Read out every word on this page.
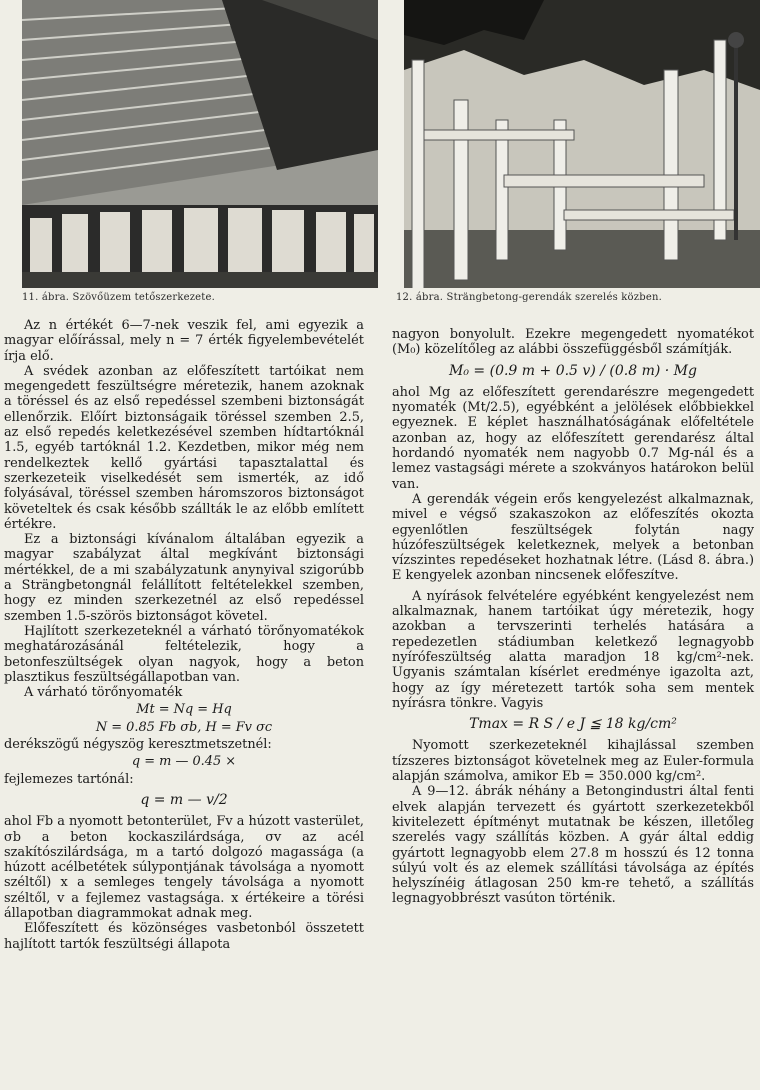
11. ábra. Szövőüzem tetőszerkezete.	12. ábra. Strängbetong-gerendák szerelés közben.

Az n értékét 6—7-nek veszik fel, ami egyezik a magyar előírással, mely n = 7 érték figyelembevételét írja elő.

A svédek azonban az előfeszített tartóikat nem megengedett feszültségre méretezik, hanem azoknak a töréssel és az első repedéssel szembeni biztonságát ellenőrzik. Előírt biztonságaik töréssel szemben 2.5, az első repedés keletkezésével szemben hídtartóknál 1.5, egyéb tartóknál 1.2. Kezdetben, mikor még nem rendelkeztek kellő gyártási tapasztalattal és szerkezeteik viselkedését sem ismerték, az idő folyásával, töréssel szemben háromszoros biztonságot követeltek és csak később szállták le az előbb említett értékre.

Ez a biztonsági kívánalom általában egyezik a magyar szabályzat által megkívánt biztonsági mértékkel, de a mi szabályzatunk anynyival szigorúbb a Strängbetongnál felállított feltételekkel szemben, hogy ez minden szerkezetnél az első repedéssel szemben 1.5-szörös biztonságot követel.

Hajlított szerkezeteknél a várható törőnyomatékok meghatározásánál feltételezik, hogy a betonfeszültségek olyan nagyok, hogy a beton plasztikus feszültségállapotban van.

A várható törőnyomaték

Mt = Nq = Hq
N = 0.85 Fb σb, H = Fv σc

derékszögű négyszög keresztmetszetnél:

q = m — 0.45 ×

fejlemezes tartónál:

q = m — v/2

ahol Fb a nyomott betonterület, Fv a húzott vasterület, σb a beton kockaszilárdsága, σv az acél szakítószilárdsága, m a tartó dolgozó magassága (a húzott acélbetétek súlypontjának távolsága a nyomott széltől) x a semleges tengely távolsága a nyomott széltől, v a fejlemez vastagsága. x értékeire a törési állapotban diagrammokat adnak meg.

Előfeszített és közönséges vasbetonból összetett hajlított tartók feszültségi állapota

nagyon bonyolult. Ezekre megengedett nyomatékot (M₀) közelítőleg az alábbi összefüggésből számítják.

M₀ = (0.9 m + 0.5 v) / (0.8 m) · Mg

ahol Mg az előfeszített gerendarészre megengedett nyomaték (Mt/2.5), egyébként a jelölések előbbiekkel egyeznek. E képlet használhatóságának előfeltétele azonban az, hogy az előfeszített gerendarész által hordandó nyomaték nem nagyobb 0.7 Mg-nál és a lemez vastagsági mérete a szokványos határokon belül van.

A gerendák végein erős kengyelezést alkalmaznak, mivel e végső szakaszokon az előfeszítés okozta egyenlőtlen feszültségek folytán nagy húzófeszültségek keletkeznek, melyek a betonban vízszintes repedéseket hozhatnak létre. (Lásd 8. ábra.) E kengyelek azonban nincsenek előfeszítve.

A nyírások felvételére egyébként kengyelezést nem alkalmaznak, hanem tartóikat úgy méretezik, hogy azokban a tervszerinti terhelés hatására a repedezetlen stádiumban keletkező legnagyobb nyírófeszültség alatta maradjon 18 kg/cm²-nek. Ugyanis számtalan kísérlet eredménye igazolta azt, hogy az így méretezett tartók soha sem mentek nyírásra tönkre. Vagyis

Tmax = R S / e J ≦ 18 kg/cm²

Nyomott szerkezeteknél kihajlással szemben tízszeres biztonságot követelnek meg az Euler-formula alapján számolva, amikor Eb = 350.000 kg/cm².

A 9—12. ábrák néhány a Betongindustri által fenti elvek alapján tervezett és gyártott szerkezetekből kivitelezett építményt mutatnak be készen, illetőleg szerelés vagy szállítás közben. A gyár által eddig gyártott legnagyobb elem 27.8 m hosszú és 12 tonna súlyú volt és az elemek szállítási távolsága az építés helyszínéig átlagosan 250 km-re tehető, a szállítás legnagyobbrészt vasúton történik.
